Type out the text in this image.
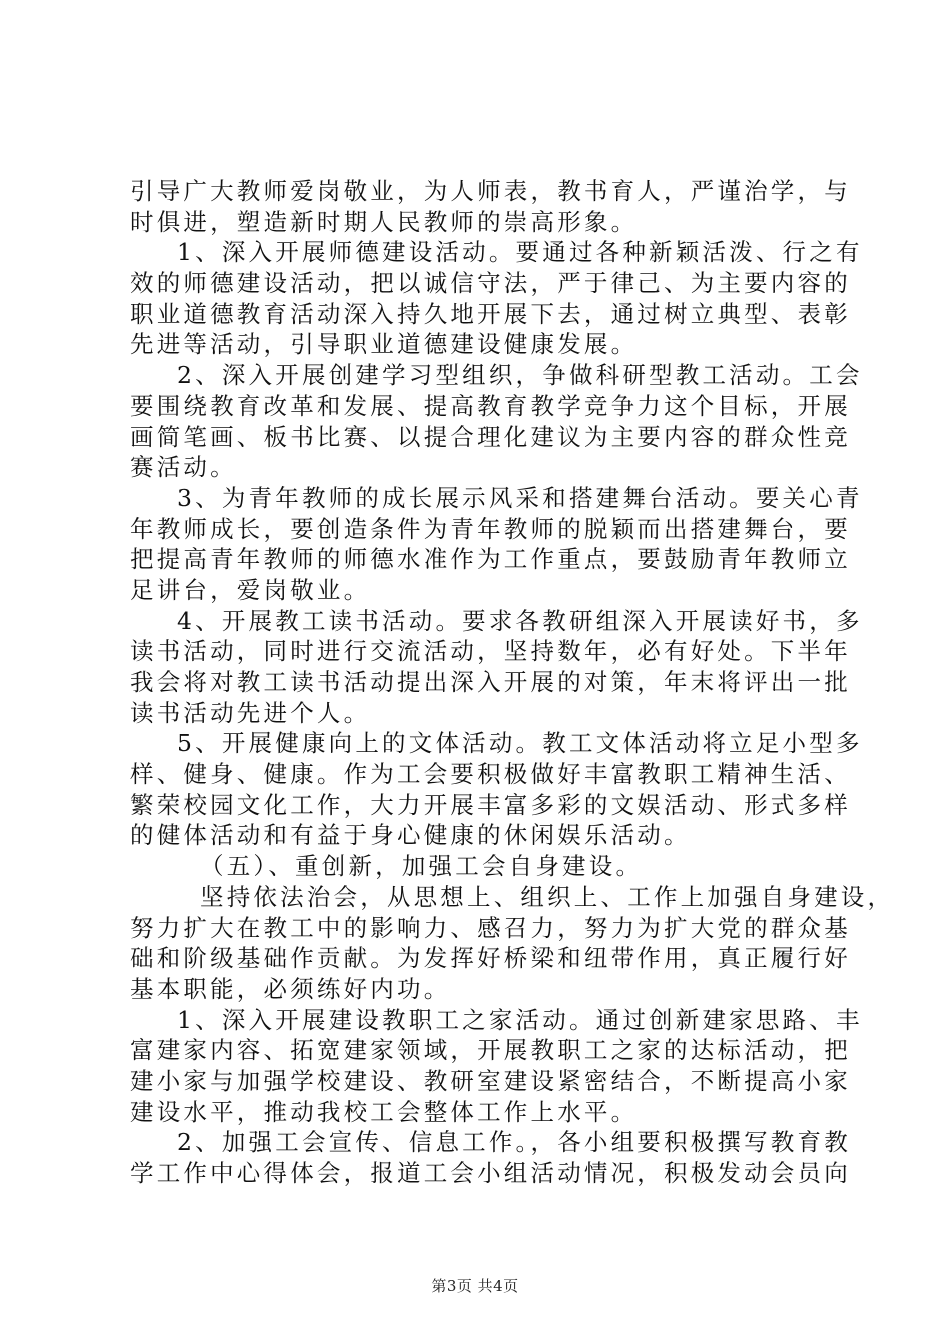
引导广大教师爱岗敬业，为人师表，教书育人，严谨治学，与
时俱进，塑造新时期人民教师的崇高形象。
1、深入开展师德建设活动。要通过各种新颖活泼、行之有
效的师德建设活动，把以诚信守法，严于律己、为主要内容的
职业道德教育活动深入持久地开展下去，通过树立典型、表彰
先进等活动，引导职业道德建设健康发展。
2、深入开展创建学习型组织，争做科研型教工活动。工会
要围绕教育改革和发展、提高教育教学竞争力这个目标，开展
画简笔画、板书比赛、以提合理化建议为主要内容的群众性竞
赛活动。
3、为青年教师的成长展示风采和搭建舞台活动。要关心青
年教师成长，要创造条件为青年教师的脱颖而出搭建舞台，要
把提高青年教师的师德水准作为工作重点，要鼓励青年教师立
足讲台，爱岗敬业。
4、开展教工读书活动。要求各教研组深入开展读好书，多
读书活动，同时进行交流活动，坚持数年，必有好处。下半年
我会将对教工读书活动提出深入开展的对策，年末将评出一批
读书活动先进个人。
5、开展健康向上的文体活动。教工文体活动将立足小型多
样、健身、健康。作为工会要积极做好丰富教职工精神生活、
繁荣校园文化工作，大力开展丰富多彩的文娱活动、形式多样
的健体活动和有益于身心健康的休闲娱乐活动。
（五）、重创新，加强工会自身建设。
坚持依法治会，从思想上、组织上、工作上加强自身建设，
努力扩大在教工中的影响力、感召力，努力为扩大党的群众基
础和阶级基础作贡献。为发挥好桥梁和纽带作用，真正履行好
基本职能，必须练好内功。
1、深入开展建设教职工之家活动。通过创新建家思路、丰
富建家内容、拓宽建家领域，开展教职工之家的达标活动，把
建小家与加强学校建设、教研室建设紧密结合，不断提高小家
建设水平，推动我校工会整体工作上水平。
2、加强工会宣传、信息工作。，各小组要积极撰写教育教
学工作中心得体会，报道工会小组活动情况，积极发动会员向
第3页 共4页
